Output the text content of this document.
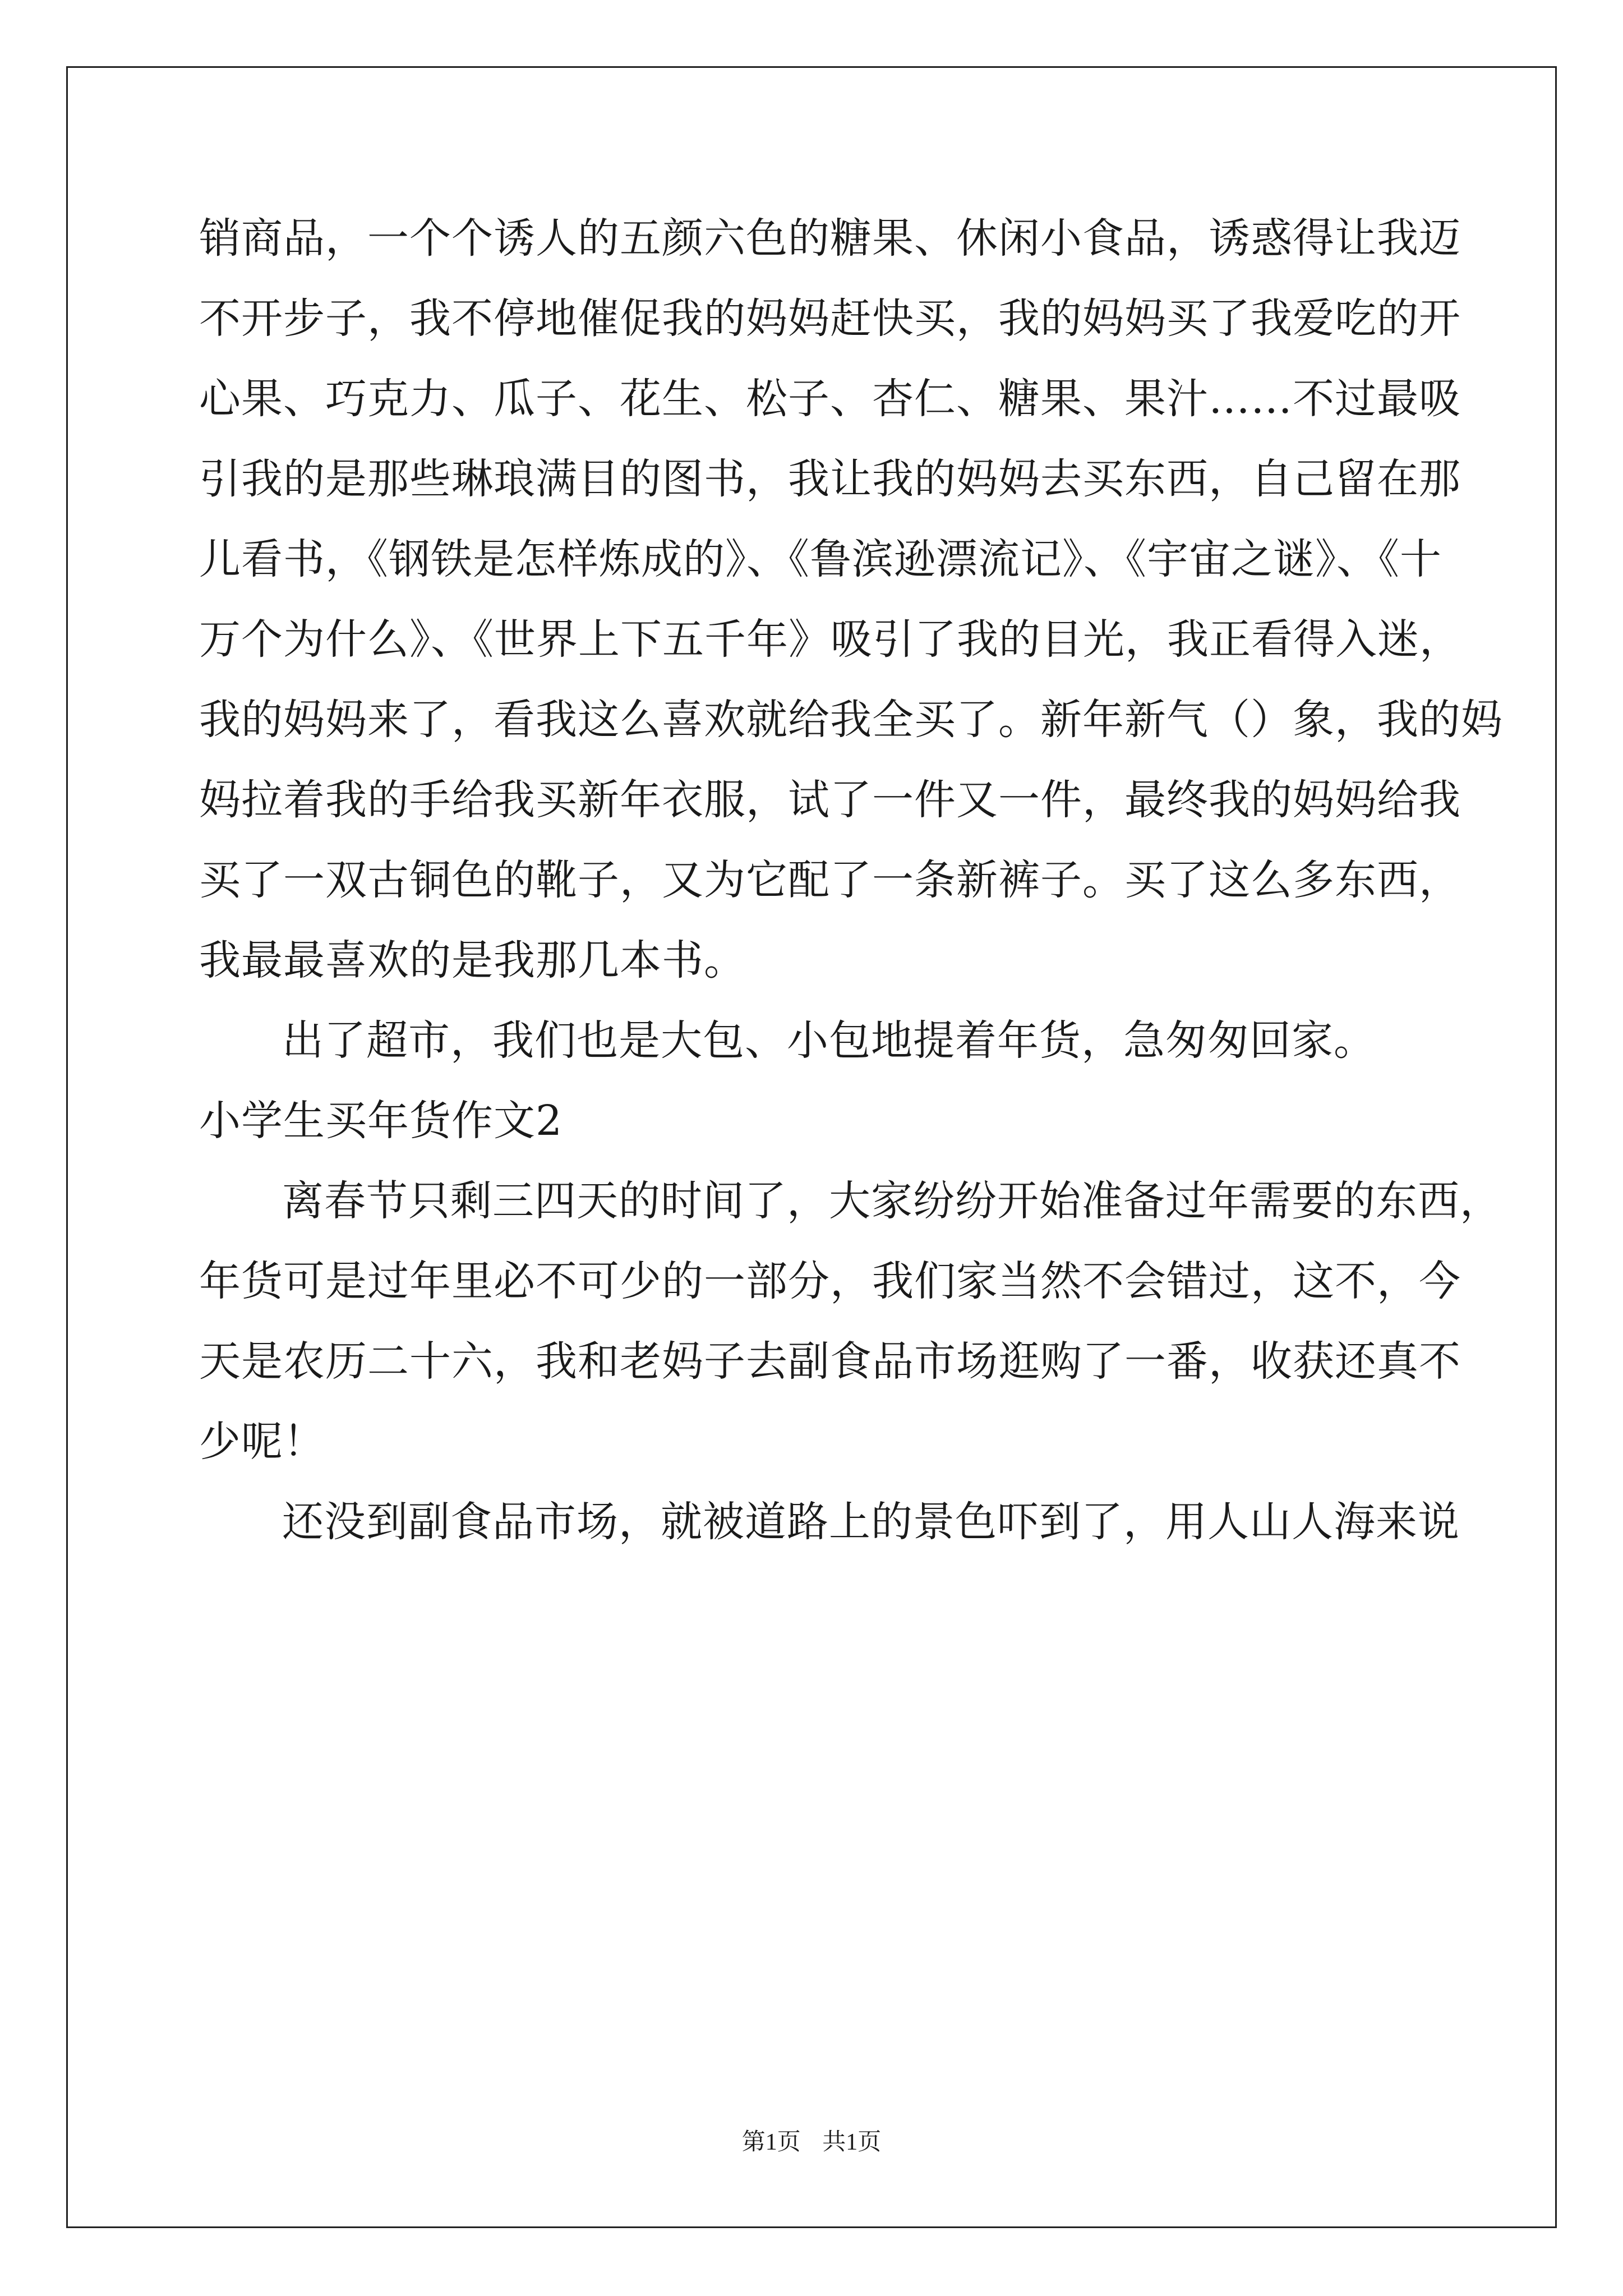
销商品，一个个诱人的五颜六色的糖果、休闲小食品，诱惑得让我迈
不开步子，我不停地催促我的妈妈赶快买，我的妈妈买了我爱吃的开
心果、巧克力、瓜子、花生、松子、杏仁、糖果、果汁……不过最吸
引我的是那些琳琅满目的图书，我让我的妈妈去买东西，自己留在那
儿看书，《钢铁是怎样炼成的》、《鲁滨逊漂流记》、《宇宙之谜》、《十
万个为什么》、《世界上下五千年》吸引了我的目光，我正看得入迷，
我的妈妈来了，看我这么喜欢就给我全买了。新年新气（）象，我的妈
妈拉着我的手给我买新年衣服，试了一件又一件，最终我的妈妈给我
买了一双古铜色的靴子，又为它配了一条新裤子。买了这么多东西，
我最最喜欢的是我那几本书。
出了超市，我们也是大包、小包地提着年货，急匆匆回家。
小学生买年货作文2
离春节只剩三四天的时间了，大家纷纷开始准备过年需要的东西，
年货可是过年里必不可少的一部分，我们家当然不会错过，这不，今
天是农历二十六，我和老妈子去副食品市场逛购了一番，收获还真不
少呢！
还没到副食品市场，就被道路上的景色吓到了，用人山人海来说
第1页 共1页
